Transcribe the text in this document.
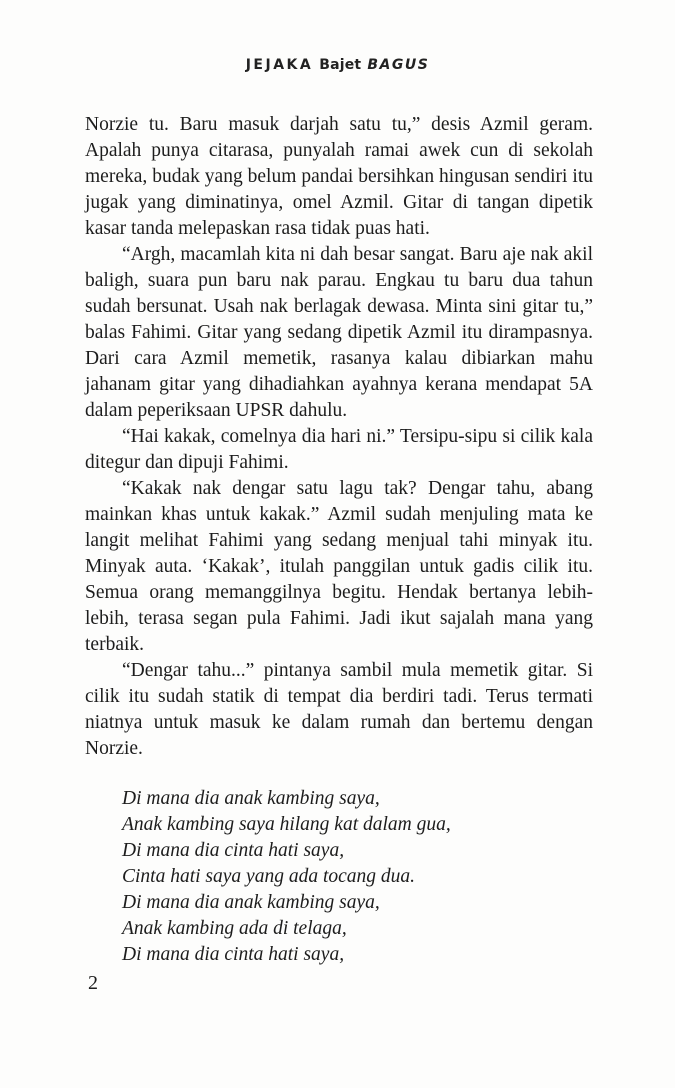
JEJAKA Bajet BAGUS

Norzie tu. Baru masuk darjah satu tu,” desis Azmil geram. Apalah punya citarasa, punyalah ramai awek cun di sekolah mereka, budak yang belum pandai bersihkan hingusan sendiri itu jugak yang diminatinya, omel Azmil. Gitar di tangan dipetik kasar tanda melepaskan rasa tidak puas hati.

“Argh, macamlah kita ni dah besar sangat. Baru aje nak akil baligh, suara pun baru nak parau. Engkau tu baru dua tahun sudah bersunat. Usah nak berlagak dewasa. Minta sini gitar tu,” balas Fahimi. Gitar yang sedang dipetik Azmil itu dirampasnya. Dari cara Azmil memetik, rasanya kalau dibiarkan mahu jahanam gitar yang dihadiahkan ayahnya kerana mendapat 5A dalam peperiksaan UPSR dahulu.

“Hai kakak, comelnya dia hari ni.” Tersipu-sipu si cilik kala ditegur dan dipuji Fahimi.

“Kakak nak dengar satu lagu tak? Dengar tahu, abang mainkan khas untuk kakak.” Azmil sudah menjuling mata ke langit melihat Fahimi yang sedang menjual tahi minyak itu. Minyak auta. ‘Kakak’, itulah panggilan untuk gadis cilik itu. Semua orang memanggilnya begitu. Hendak bertanya lebih-lebih, terasa segan pula Fahimi. Jadi ikut sajalah mana yang terbaik.

“Dengar tahu...” pintanya sambil mula memetik gitar. Si cilik itu sudah statik di tempat dia berdiri tadi. Terus termati niatnya untuk masuk ke dalam rumah dan bertemu dengan Norzie.

Di mana dia anak kambing saya,
Anak kambing saya hilang kat dalam gua,
Di mana dia cinta hati saya,
Cinta hati saya yang ada tocang dua.
Di mana dia anak kambing saya,
Anak kambing ada di telaga,
Di mana dia cinta hati saya,
2
